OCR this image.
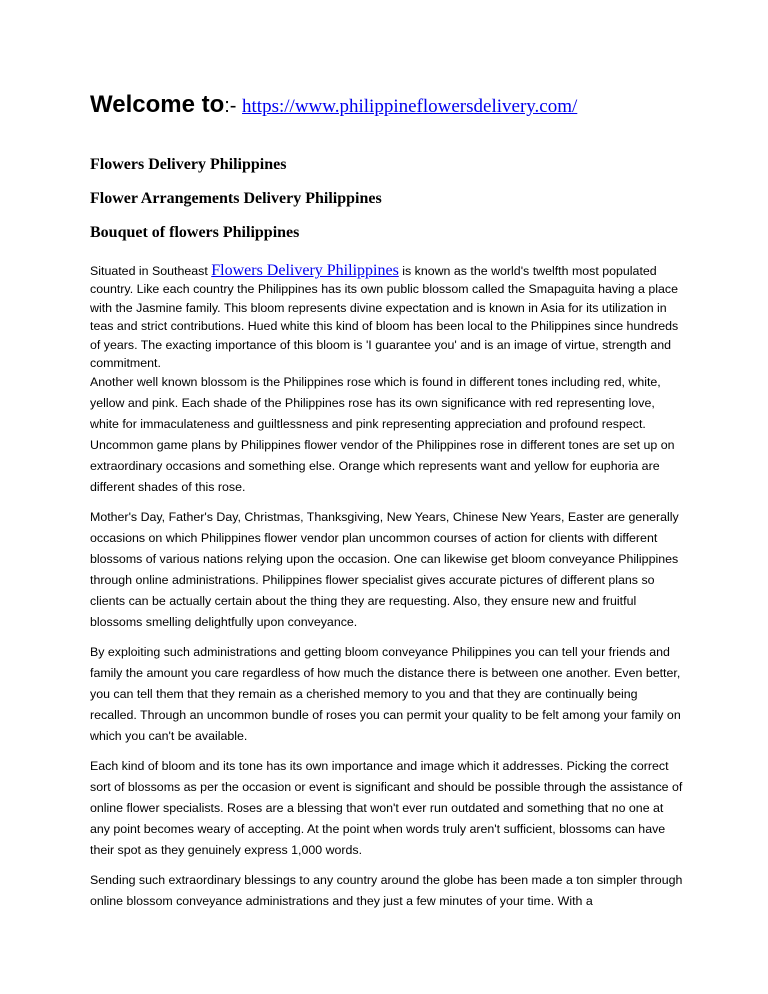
Welcome to:- https://www.philippineflowersdelivery.com/
Flowers Delivery Philippines
Flower Arrangements Delivery Philippines
Bouquet of flowers Philippines

Situated in Southeast Flowers Delivery Philippines is known as the world's twelfth most populated country. Like each country the Philippines has its own public blossom called the Smapaguita having a place with the Jasmine family. This bloom represents divine expectation and is known in Asia for its utilization in teas and strict contributions. Hued white this kind of bloom has been local to the Philippines since hundreds of years. The exacting importance of this bloom is 'I guarantee you' and is an image of virtue, strength and commitment.

Another well known blossom is the Philippines rose which is found in different tones including red, white, yellow and pink. Each shade of the Philippines rose has its own significance with red representing love, white for immaculateness and guiltlessness and pink representing appreciation and profound respect. Uncommon game plans by Philippines flower vendor of the Philippines rose in different tones are set up on extraordinary occasions and something else. Orange which represents want and yellow for euphoria are different shades of this rose.

Mother's Day, Father's Day, Christmas, Thanksgiving, New Years, Chinese New Years, Easter are generally occasions on which Philippines flower vendor plan uncommon courses of action for clients with different blossoms of various nations relying upon the occasion. One can likewise get bloom conveyance Philippines through online administrations. Philippines flower specialist gives accurate pictures of different plans so clients can be actually certain about the thing they are requesting. Also, they ensure new and fruitful blossoms smelling delightfully upon conveyance.

By exploiting such administrations and getting bloom conveyance Philippines you can tell your friends and family the amount you care regardless of how much the distance there is between one another. Even better, you can tell them that they remain as a cherished memory to you and that they are continually being recalled. Through an uncommon bundle of roses you can permit your quality to be felt among your family on which you can't be available.

Each kind of bloom and its tone has its own importance and image which it addresses. Picking the correct sort of blossoms as per the occasion or event is significant and should be possible through the assistance of online flower specialists. Roses are a blessing that won't ever run outdated and something that no one at any point becomes weary of accepting. At the point when words truly aren't sufficient, blossoms can have their spot as they genuinely express 1,000 words.

Sending such extraordinary blessings to any country around the globe has been made a ton simpler through online blossom conveyance administrations and they just a few minutes of your time. With a
